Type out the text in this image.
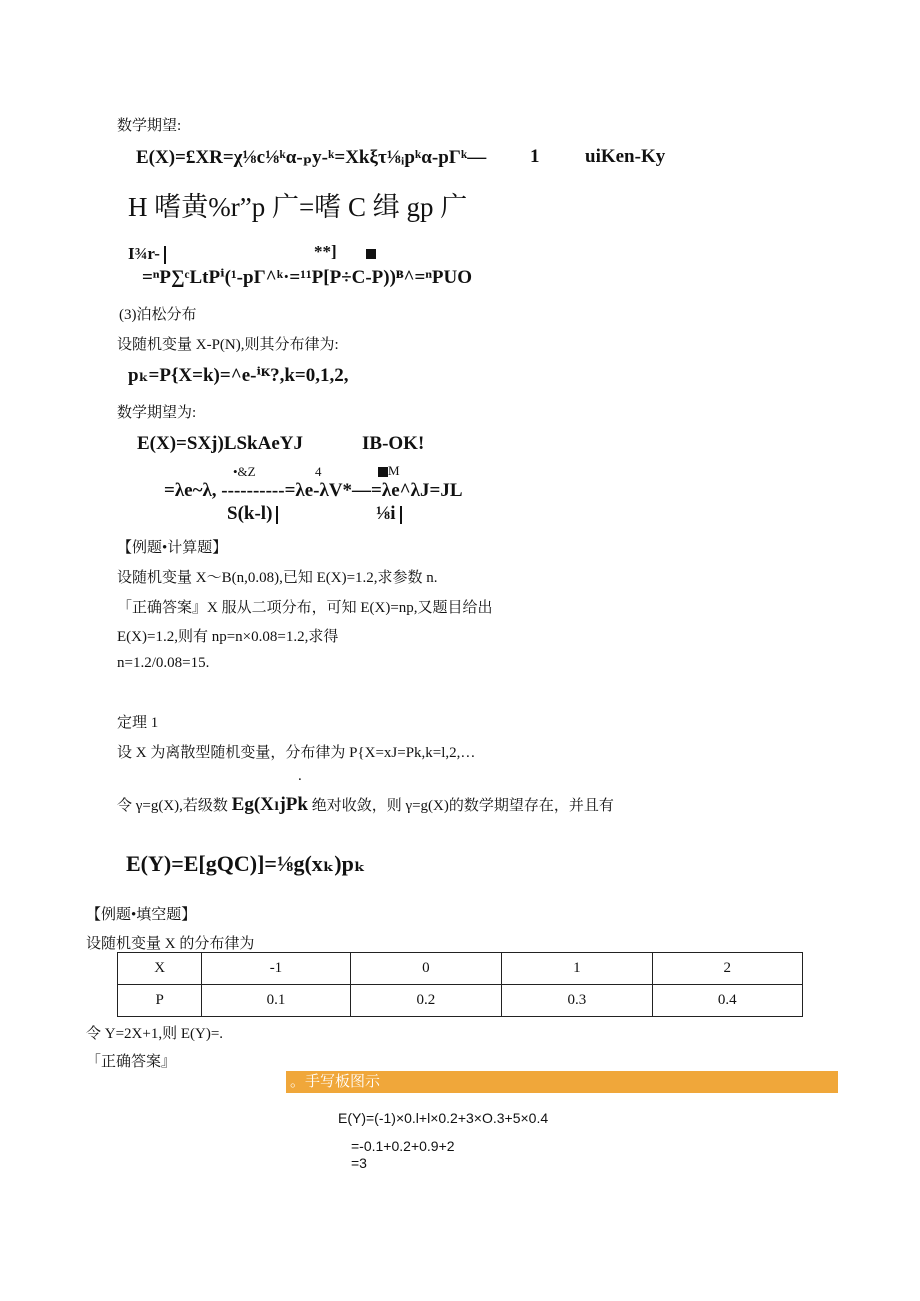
数学期望:
E(X)=£XR=χ⅛c⅛ᵏα-ₚy-ᵏ=Xkξτ⅛ᵢpᵏα-pΓᵏ— 1 uiKen-Ky
H 嗜黄%r”p 广=嗜 C 缉 gp 广
I¾r-	**]
=ⁿP∑ᶜLtPⁱ(¹-pΓ^ᵏ·=¹¹P[P÷C-P))ᴮ^=ⁿPUO
(3)泊松分布
设随机变量 X-P(N),则其分布律为:
pₖ=P{X=k)=^e-ⁱᴷ?,k=0,1,2,
数学期望为:
E(X)=SXj)LSkAeYJ	IB-OK!
•&Z	4	M
=λe~λ, ----------=λe-λV*—=λe^λJ=JL
S(k-l)	⅛i
【例题•计算题】
设随机变量 X～B(n,0.08),已知 E(X)=1.2,求参数 n.
「正确答案』X 服从二项分布，可知 E(X)=np,又题目给出
E(X)=1.2,则有 np=n×0.08=1.2,求得
n=1.2/0.08=15.
定理 1
设 X 为离散型随机变量，分布律为 P{X=xJ=Pk,k=l,2,…
.
令 γ=g(X),若级数 Eg(XₗjPk 绝对收敛，则 γ=g(X)的数学期望存在，并且有
E(Y)=E[gQC)]=⅛g(xₖ)pₖ
【例题•填空题】
设随机变量 X 的分布律为
X	-1	0	1	2
P	0.1	0.2	0.3	0.4
令 Y=2X+1,则 E(Y)=.
「正确答案』
。手写板图示
E(Y)=(-1)×0.l+l×0.2+3×O.3+5×0.4
=-0.1+0.2+0.9+2
=3
